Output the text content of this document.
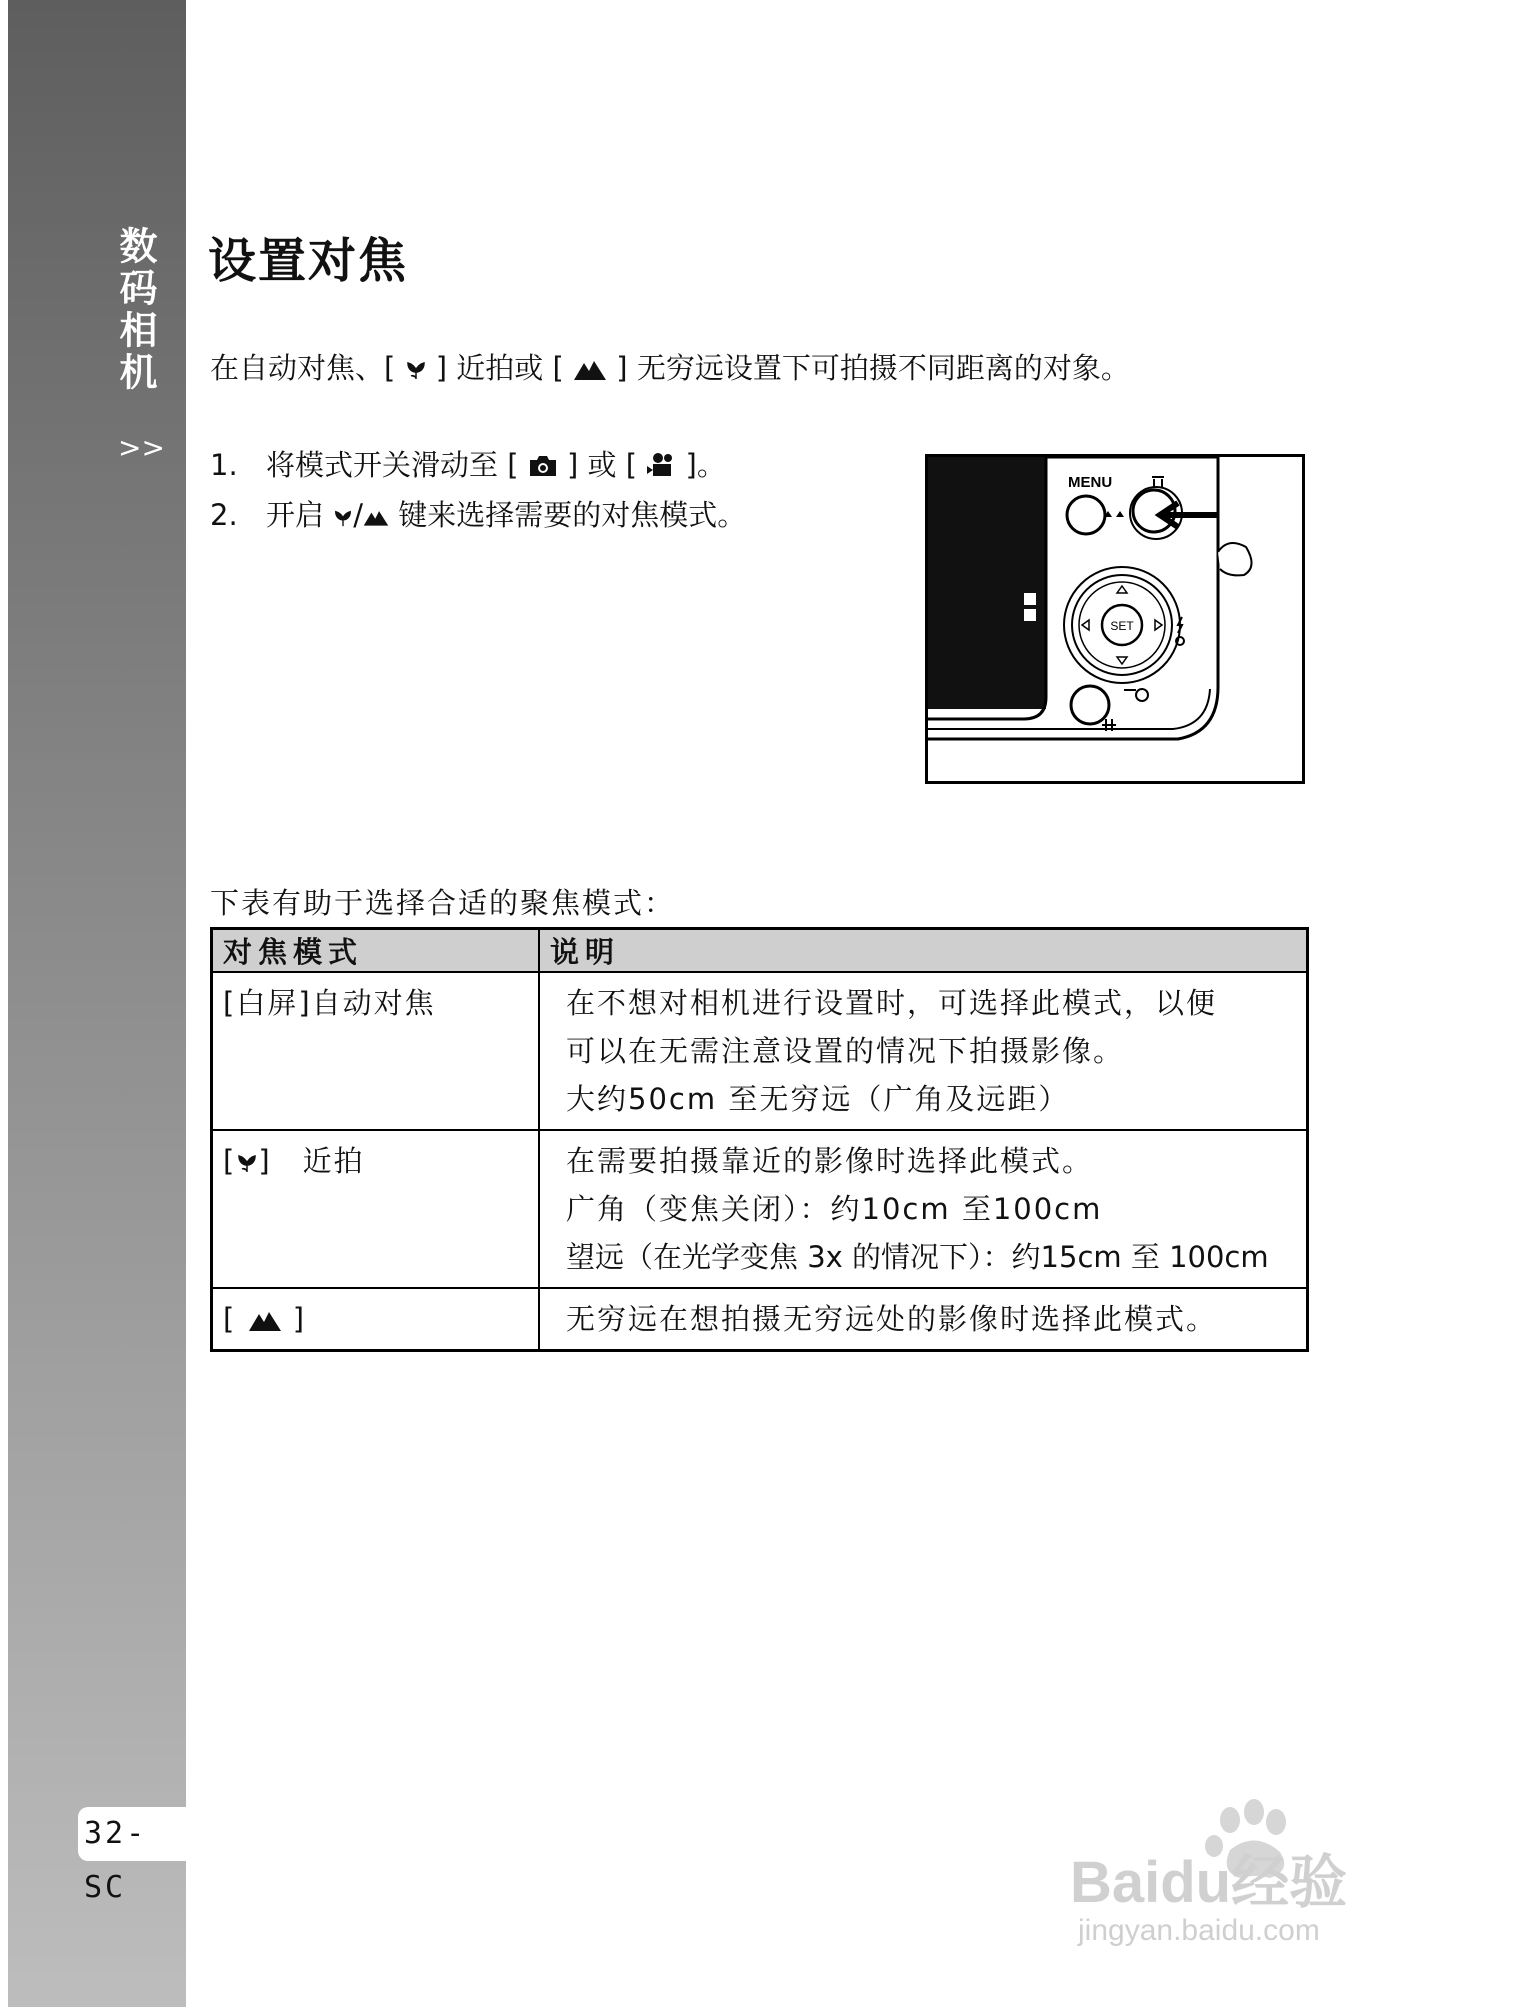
数码相机
>>
32-SC
设置对焦
在自动对焦、[  ] 近拍或 [  ] 无穷远设置下可拍摄不同距离的对象。
1. 将模式开关滑动至 [  ] 或 [  ]。
2. 开启 / 键来选择需要的对焦模式。
MENU
SET
下表有助于选择合适的聚焦模式：
对焦模式	说明

[白屏]自动对焦	在不想对相机进行设置时，可选择此模式，以便
可以在无需注意设置的情况下拍摄影像。
大约50cm 至无穷远（广角及远距）

[ ]　近拍	在需要拍摄靠近的影像时选择此模式。
广角（变焦关闭）：约10cm 至100cm
望远（在光学变焦 3x 的情况下）：约15cm 至 100cm

[  ]	无穷远在想拍摄无穷远处的影像时选择此模式。
Baidu经验
jingyan.baidu.com
